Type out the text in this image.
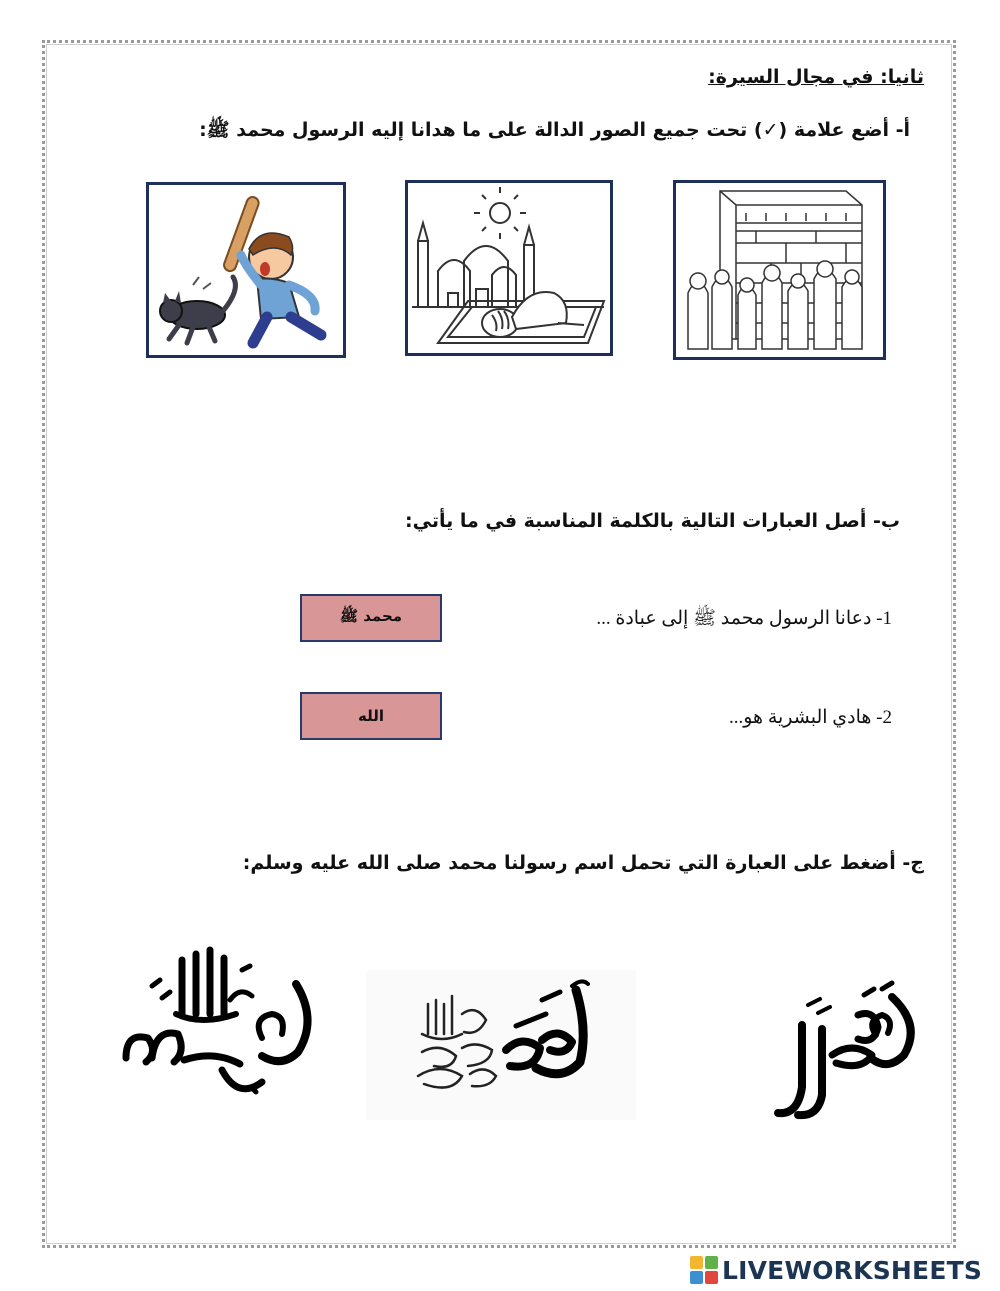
ثانيا: في مجال السيرة:
أ- أضع علامة (✓) تحت جميع الصور الدالة على ما هدانا إليه الرسول محمد ﷺ:
ب- أصل العبارات التالية بالكلمة المناسبة في ما يأتي:
1- دعانا الرسول محمد ﷺ إلى عبادة ...
2- هادي البشرية هو...
محمد ﷺ
الله
ج- أضغط على العبارة التي تحمل اسم رسولنا محمد صلى الله عليه وسلم:
LIVEWORKSHEETS
